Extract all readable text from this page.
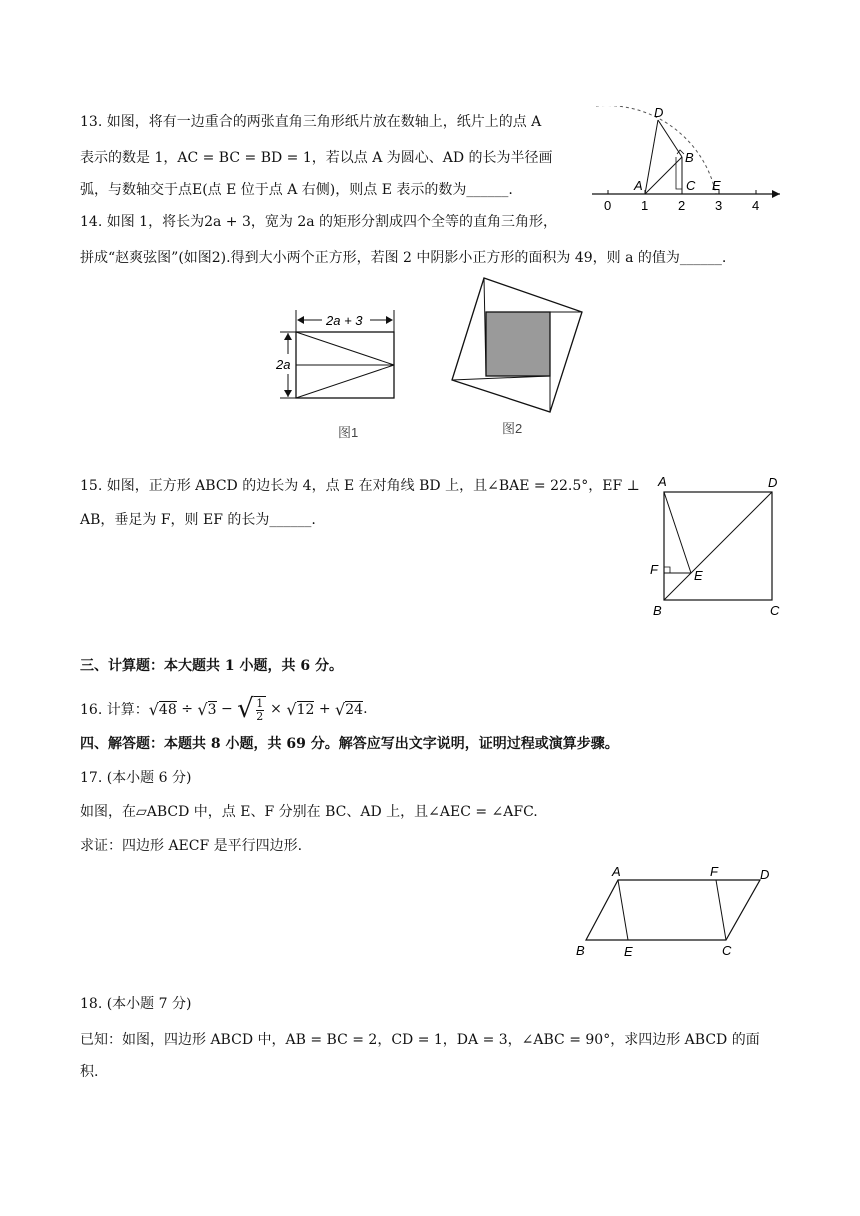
13. 如图，将有一边重合的两张直角三角形纸片放在数轴上，纸片上的点 A
表示的数是 1，AC = BC = BD = 1，若以点 A 为圆心、AD 的长为半径画
弧，与数轴交于点E(点 E 位于点 A 右侧)，则点 E 表示的数为______.
D
B
A	C E
0 1 2 3 4
14. 如图 1，将长为2a + 3，宽为 2a 的矩形分割成四个全等的直角三角形，
拼成“赵爽弦图”(如图2).得到大小两个正方形，若图 2 中阴影小正方形的面积为 49，则 a 的值为______.
2a + 3
2a
图1	图2
15. 如图，正方形 ABCD 的边长为 4，点 E 在对角线 BD 上，且∠BAE = 22.5°，EF ⊥
AB，垂足为 F，则 EF 的长为______.
A	D
F	E
B	C
三、计算题：本大题共 1 小题，共 6 分。
16. 计算： √ 48 ÷ √ 3 − √ $\frac{1}{2}$ × √ 12 + √ 24 .
四、解答题：本题共 8 小题，共 69 分。解答应写出文字说明，证明过程或演算步骤。
17. (本小题 6 分)
如图，在▱ABCD 中，点 E、F 分别在 BC、AD 上，且∠AEC = ∠AFC.
求证：四边形 AECF 是平行四边形.
A	F	D
B	E	C
18. (本小题 7 分)
已知：如图，四边形 ABCD 中，AB = BC = 2，CD = 1，DA = 3，∠ABC = 90°，求四边形 ABCD 的面
积.
